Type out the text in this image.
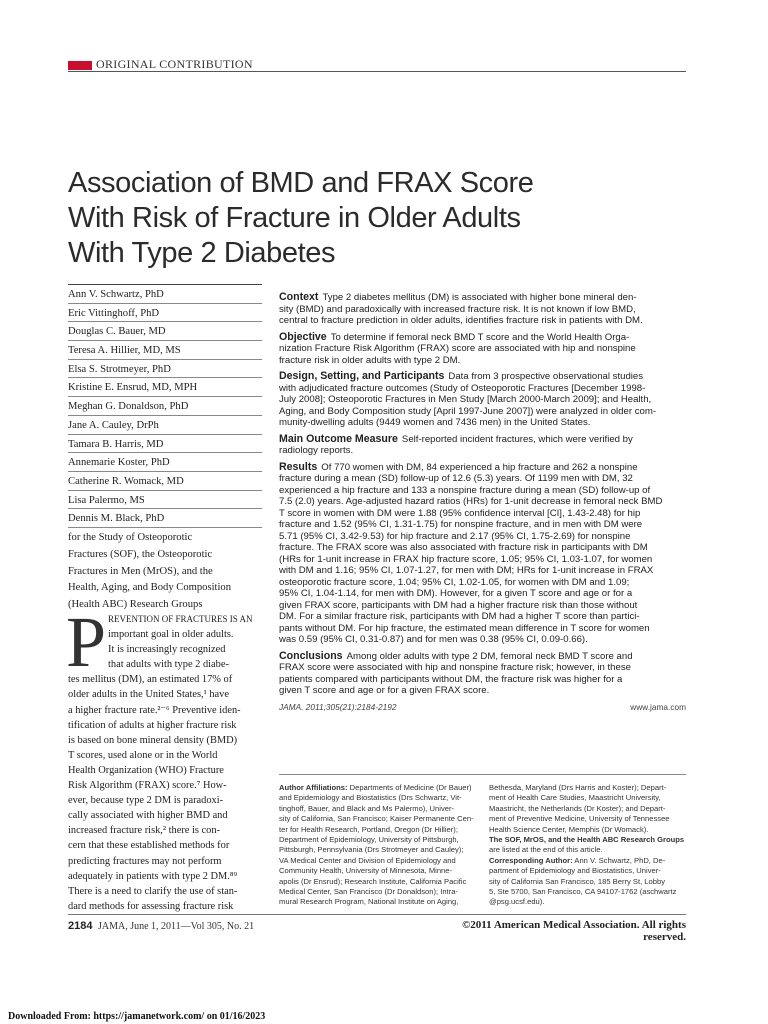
ORIGINAL CONTRIBUTION
Association of BMD and FRAX Score
With Risk of Fracture in Older Adults
With Type 2 Diabetes
Ann V. Schwartz, PhD
Eric Vittinghoff, PhD
Douglas C. Bauer, MD
Teresa A. Hillier, MD, MS
Elsa S. Strotmeyer, PhD
Kristine E. Ensrud, MD, MPH
Meghan G. Donaldson, PhD
Jane A. Cauley, DrPh
Tamara B. Harris, MD
Annemarie Koster, PhD
Catherine R. Womack, MD
Lisa Palermo, MS
Dennis M. Black, PhD
for the Study of Osteoporotic
Fractures (SOF), the Osteoporotic
Fractures in Men (MrOS), and the
Health, Aging, and Body Composition
(Health ABC) Research Groups
Context Type 2 diabetes mellitus (DM) is associated with higher bone mineral den-
sity (BMD) and paradoxically with increased fracture risk. It is not known if low BMD,
central to fracture prediction in older adults, identifies fracture risk in patients with DM.
Objective To determine if femoral neck BMD T score and the World Health Orga-
nization Fracture Risk Algorithm (FRAX) score are associated with hip and nonspine
fracture risk in older adults with type 2 DM.
Design, Setting, and Participants Data from 3 prospective observational studies
with adjudicated fracture outcomes (Study of Osteoporotic Fractures [December 1998-
July 2008]; Osteoporotic Fractures in Men Study [March 2000-March 2009]; and Health,
Aging, and Body Composition study [April 1997-June 2007]) were analyzed in older com-
munity-dwelling adults (9449 women and 7436 men) in the United States.
Main Outcome Measure Self-reported incident fractures, which were verified by
radiology reports.
Results Of 770 women with DM, 84 experienced a hip fracture and 262 a nonspine
fracture during a mean (SD) follow-up of 12.6 (5.3) years. Of 1199 men with DM, 32
experienced a hip fracture and 133 a nonspine fracture during a mean (SD) follow-up of
7.5 (2.0) years. Age-adjusted hazard ratios (HRs) for 1-unit decrease in femoral neck BMD
T score in women with DM were 1.88 (95% confidence interval [CI], 1.43-2.48) for hip
fracture and 1.52 (95% CI, 1.31-1.75) for nonspine fracture, and in men with DM were
5.71 (95% CI, 3.42-9.53) for hip fracture and 2.17 (95% CI, 1.75-2.69) for nonspine
fracture. The FRAX score was also associated with fracture risk in participants with DM
(HRs for 1-unit increase in FRAX hip fracture score, 1.05; 95% CI, 1.03-1.07, for women
with DM and 1.16; 95% CI, 1.07-1.27, for men with DM; HRs for 1-unit increase in FRAX
osteoporotic fracture score, 1.04; 95% CI, 1.02-1.05, for women with DM and 1.09;
95% CI, 1.04-1.14, for men with DM). However, for a given T score and age or for a
given FRAX score, participants with DM had a higher fracture risk than those without
DM. For a similar fracture risk, participants with DM had a higher T score than partici-
pants without DM. For hip fracture, the estimated mean difference in T score for women
was 0.59 (95% CI, 0.31-0.87) and for men was 0.38 (95% CI, 0.09-0.66).
Conclusions Among older adults with type 2 DM, femoral neck BMD T score and
FRAX score were associated with hip and nonspine fracture risk; however, in these
patients compared with participants without DM, the fracture risk was higher for a
given T score and age or for a given FRAX score.
JAMA. 2011;305(21):2184-2192	www.jama.com
P REVENTION OF FRACTURES IS AN
important goal in older adults.
It is increasingly recognized
that adults with type 2 diabe-
tes mellitus (DM), an estimated 17% of
older adults in the United States,¹ have
a higher fracture rate.²⁻⁶ Preventive iden-
tification of adults at higher fracture risk
is based on bone mineral density (BMD)
T scores, used alone or in the World
Health Organization (WHO) Fracture
Risk Algorithm (FRAX) score.⁷ How-
ever, because type 2 DM is paradoxi-
cally associated with higher BMD and
increased fracture risk,² there is con-
cern that these established methods for
predicting fractures may not perform
adequately in patients with type 2 DM.⁸⁹
There is a need to clarify the use of stan-
dard methods for assessing fracture risk
Author Affiliations: Departments of Medicine (Dr Bauer)
and Epidemiology and Biostatistics (Drs Schwartz, Vit-
tinghoff, Bauer, and Black and Ms Palermo), Univer-
sity of California, San Francisco; Kaiser Permanente Cen-
ter for Health Research, Portland, Oregon (Dr Hillier);
Department of Epidemiology, University of Pittsburgh,
Pittsburgh, Pennsylvania (Drs Strotmeyer and Cauley);
VA Medical Center and Division of Epidemiology and
Community Health, University of Minnesota, Minne-
apolis (Dr Ensrud); Research Institute, California Pacific
Medical Center, San Francisco (Dr Donaldson); Intra-
mural Research Program, National Institute on Aging,
Bethesda, Maryland (Drs Harris and Koster); Depart-
ment of Health Care Studies, Maastricht University,
Maastricht, the Netherlands (Dr Koster); and Depart-
ment of Preventive Medicine, University of Tennessee
Health Science Center, Memphis (Dr Womack).
The SOF, MrOS, and the Health ABC Research Groups
are listed at the end of this article.
Corresponding Author: Ann V. Schwartz, PhD, De-
partment of Epidemiology and Biostatistics, Univer-
sity of California San Francisco, 185 Berry St, Lobby
5, Ste 5700, San Francisco, CA 94107-1762 (aschwartz
@psg.ucsf.edu).
2184 JAMA, June 1, 2011—Vol 305, No. 21	©2011 American Medical Association. All rights reserved.
Downloaded From: https://jamanetwork.com/ on 01/16/2023
